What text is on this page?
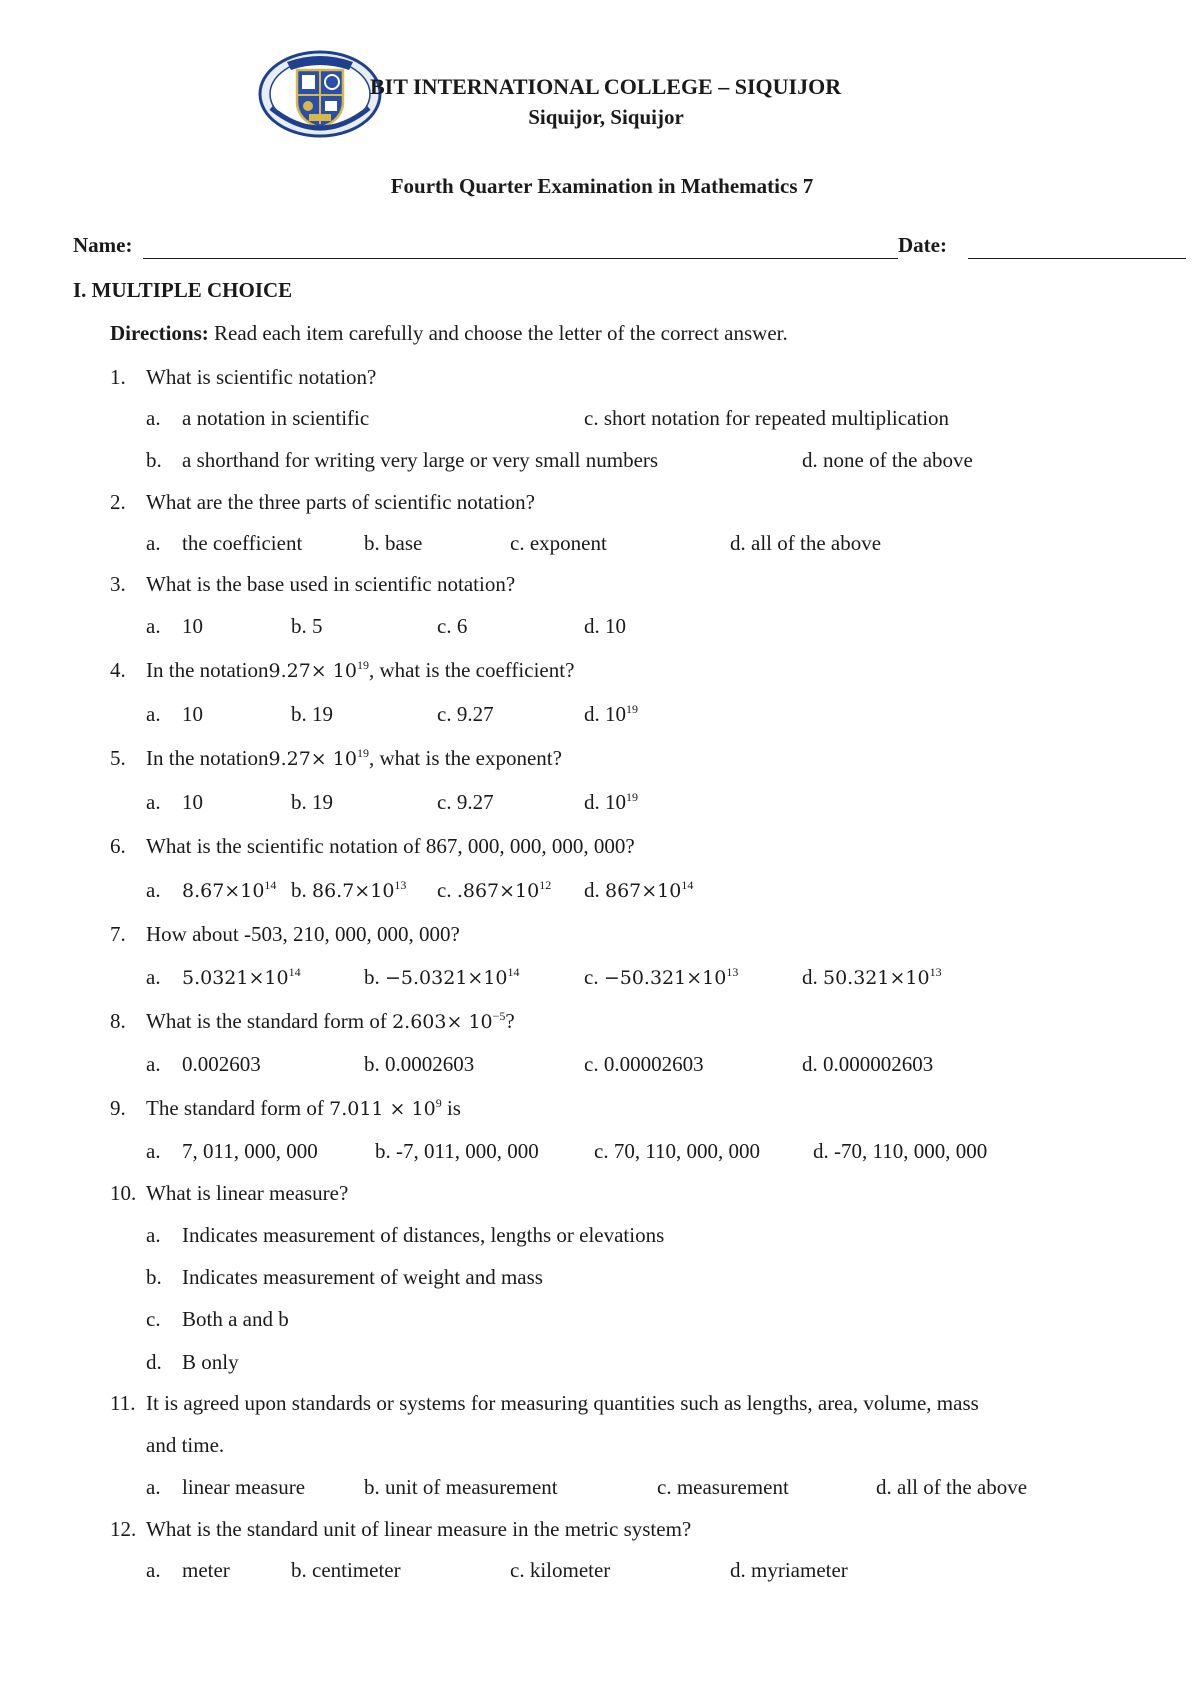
BIT INTERNATIONAL COLLEGE – SIQUIJOR
Siquijor, Siquijor
Fourth Quarter Examination in Mathematics 7
Name:	Date:
I. MULTIPLE CHOICE
Directions: Read each item carefully and choose the letter of the correct answer.
1. What is scientific notation?
a. a notation in scientific	c. short notation for repeated multiplication
b. a shorthand for writing very large or very small numbers	d. none of the above
2. What are the three parts of scientific notation?
a. the coefficient	b. base	c. exponent	d. all of the above
3. What is the base used in scientific notation?
a. 10	b. 5	c. 6	d. 10
4. In the notation9.27× $10^{19}$, what is the coefficient?
a. 10	b. 19	c. 9.27	d. $10^{19}$
5. In the notation9.27× $10^{19}$, what is the exponent?
a. 10	b. 19	c. 9.27	d. $10^{19}$
6. What is the scientific notation of 867, 000, 000, 000, 000?
a. $8.67\times 10^{14}$ b. $86.7\times 10^{13}$ c. $.867\times 10^{12}$ d. $867\times 10^{14}$
7. How about -503, 210, 000, 000, 000?
a. $5.0321\times 10^{14}$	b. $-5.0321\times 10^{14}$	c. $-50.321\times 10^{13}$	d. $50.321\times 10^{13}$
8. What is the standard form of $2.603\times 10^{-5}$?
a. 0.002603	b. 0.0002603	c. 0.00002603	d. 0.000002603
9. The standard form of $7.011 \times 10^9$ is
a. 7, 011, 000, 000	b. -7, 011, 000, 000	c. 70, 110, 000, 000	d. -70, 110, 000, 000
10. What is linear measure?
a. Indicates measurement of distances, lengths or elevations
b. Indicates measurement of weight and mass
c. Both a and b
d. B only
11. It is agreed upon standards or systems for measuring quantities such as lengths, area, volume, mass
and time.
a. linear measure	b. unit of measurement	c. measurement	d. all of the above
12. What is the standard unit of linear measure in the metric system?
a. meter	b. centimeter	c. kilometer	d. myriameter
